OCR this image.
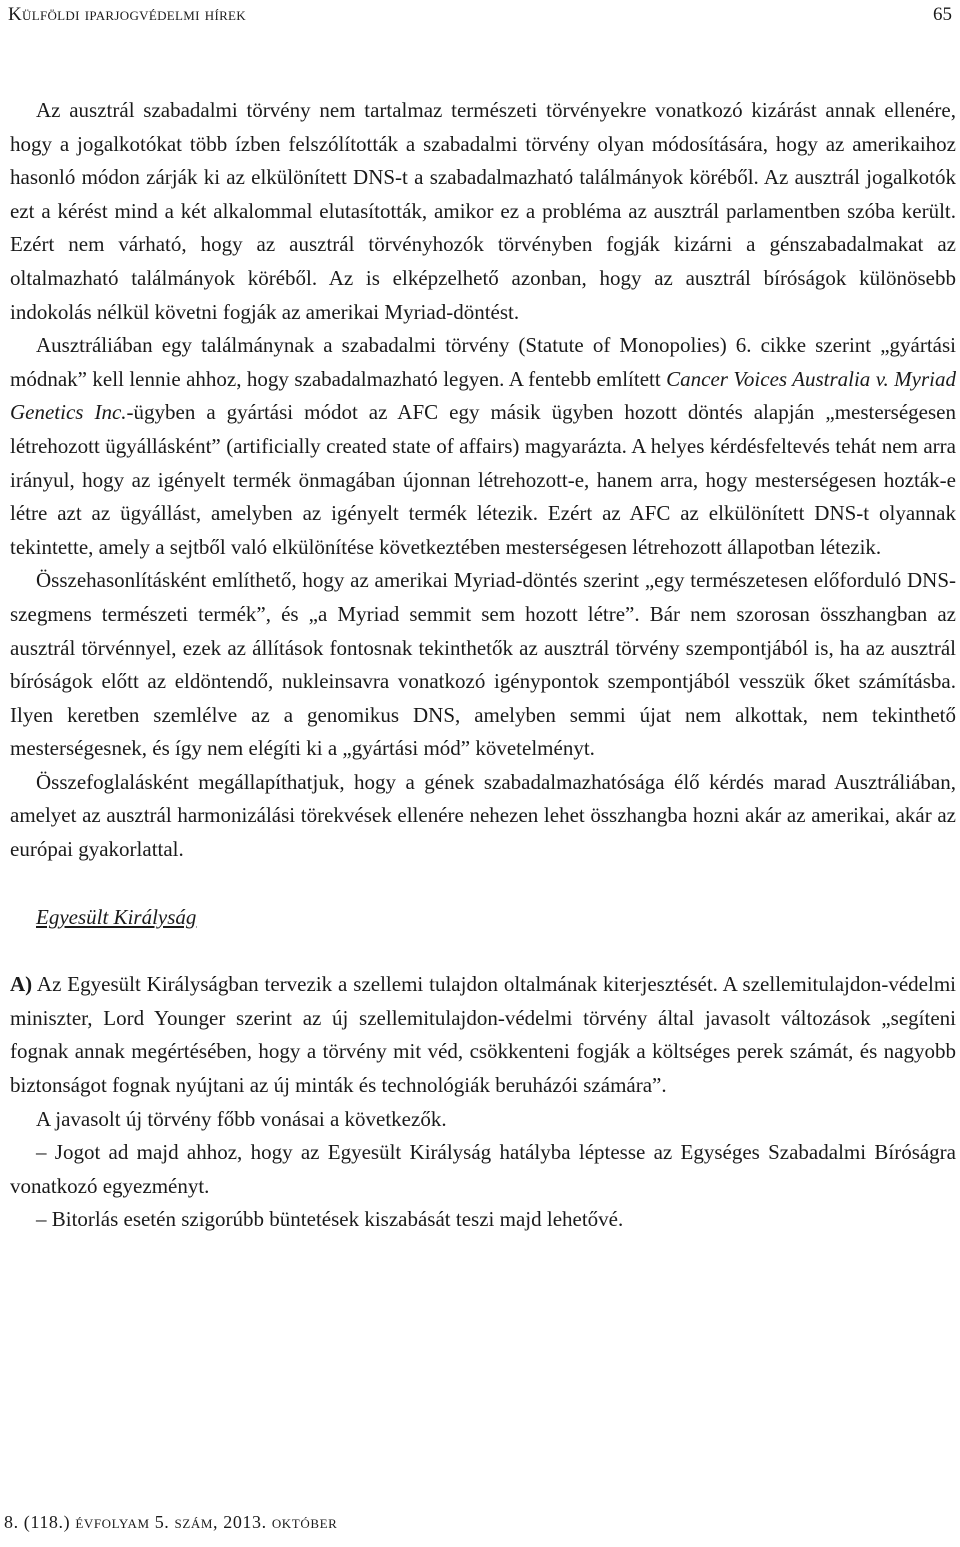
Külföldi iparjogvédelmi hírek	65

Az ausztrál szabadalmi törvény nem tartalmaz természeti törvényekre vonatkozó kizárást annak ellenére, hogy a jogalkotókat több ízben felszólították a szabadalmi törvény olyan módosítására, hogy az amerikaihoz hasonló módon zárják ki az elkülönített DNS-t a szabadalmazható találmányok köréből. Az ausztrál jogalkotók ezt a kérést mind a két alkalommal elutasították, amikor ez a probléma az ausztrál parlamentben szóba került. Ezért nem várható, hogy az ausztrál törvényhozók törvényben fogják kizárni a génszabadalmakat az oltalmazható találmányok köréből. Az is elképzelhető azonban, hogy az ausztrál bíróságok különösebb indokolás nélkül követni fogják az amerikai Myriad-döntést.

Ausztráliában egy találmánynak a szabadalmi törvény (Statute of Monopolies) 6. cikke szerint „gyártási módnak” kell lennie ahhoz, hogy szabadalmazható legyen. A fentebb említett Cancer Voices Australia v. Myriad Genetics Inc.-ügyben a gyártási módot az AFC egy másik ügyben hozott döntés alapján „mesterségesen létrehozott ügyállásként” (artificially created state of affairs) magyarázta. A helyes kérdésfeltevés tehát nem arra irányul, hogy az igényelt termék önmagában újonnan létrehozott-e, hanem arra, hogy mesterségesen hozták-e létre azt az ügyállást, amelyben az igényelt termék létezik. Ezért az AFC az elkülönített DNS-t olyannak tekintette, amely a sejtből való elkülönítése következtében mesterségesen létrehozott állapotban létezik.

Összehasonlításként említhető, hogy az amerikai Myriad-döntés szerint „egy természetesen előforduló DNS-szegmens természeti termék”, és „a Myriad semmit sem hozott létre”. Bár nem szorosan összhangban az ausztrál törvénnyel, ezek az állítások fontosnak tekinthetők az ausztrál törvény szempontjából is, ha az ausztrál bíróságok előtt az eldöntendő, nukleinsavra vonatkozó igénypontok szempontjából vesszük őket számításba. Ilyen keretben szemlélve az a genomikus DNS, amelyben semmi újat nem alkottak, nem tekinthető mesterségesnek, és így nem elégíti ki a „gyártási mód” követelményt.

Összefoglalásként megállapíthatjuk, hogy a gének szabadalmazhatósága élő kérdés marad Ausztráliában, amelyet az ausztrál harmonizálási törekvések ellenére nehezen lehet összhangba hozni akár az amerikai, akár az európai gyakorlattal.

Egyesült Királyság

A) Az Egyesült Királyságban tervezik a szellemi tulajdon oltalmának kiterjesztését. A szellemitulajdon-védelmi miniszter, Lord Younger szerint az új szellemitulajdon-védelmi törvény által javasolt változások „segíteni fognak annak megértésében, hogy a törvény mit véd, csökkenteni fogják a költséges perek számát, és nagyobb biztonságot fognak nyújtani az új minták és technológiák beruházói számára”.

A javasolt új törvény főbb vonásai a következők.

– Jogot ad majd ahhoz, hogy az Egyesült Királyság hatályba léptesse az Egységes Szabadalmi Bíróságra vonatkozó egyezményt.

– Bitorlás esetén szigorúbb büntetések kiszabását teszi majd lehetővé.

8. (118.) évfolyam 5. szám, 2013. október
